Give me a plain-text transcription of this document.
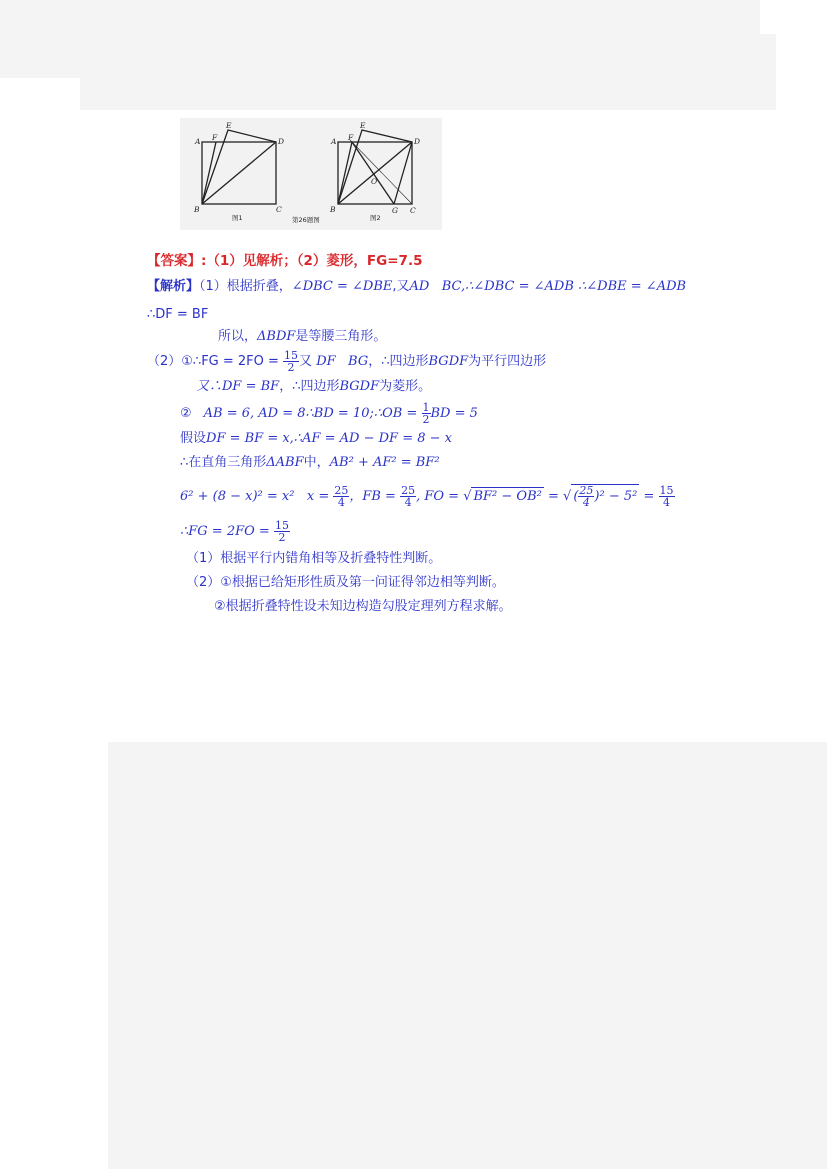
A
E
F	D
B	C
A
E
F	D
B
O
G C
图1	第26题图	图2
【答案】:（1）见解析；（2）菱形，FG=7.5
【解析】（1）根据折叠，∠DBC = ∠DBE,又AD   BC,∴∠DBC = ∠ADB ∴∠DBE = ∠ADB
∴DF = BF
所以，ΔBDF是等腰三角形。
（2）①∴FG = $2FO = \frac{15}{2}$ 又 DF   BG，∴四边形BGDF为平行四边形
又∴DF = BF，∴四边形BGDF为菱形。
② AB = 6, AD = 8∴BD = 10;∴OB = $\frac{1}{2}$ BD = 5
假设DF = BF = x,∴AF = AD − DF = 8 − x
∴在直角三角形ΔABF中，AB² + AF² = BF²
6² + (8 − x)² = x²   $x = \frac{25}{4}$ ，FB = $\frac{25}{4}$ , FO = √ BF² − OB² = √ ( $\frac{25}{4} )^2 - 5^2 = \frac{15}{4}$
∴FG = $2FO = \frac{15}{2}$
（1）根据平行内错角相等及折叠特性判断。
（2）①根据已给矩形性质及第一问证得邻边相等判断。
②根据折叠特性设未知边构造勾股定理列方程求解。
